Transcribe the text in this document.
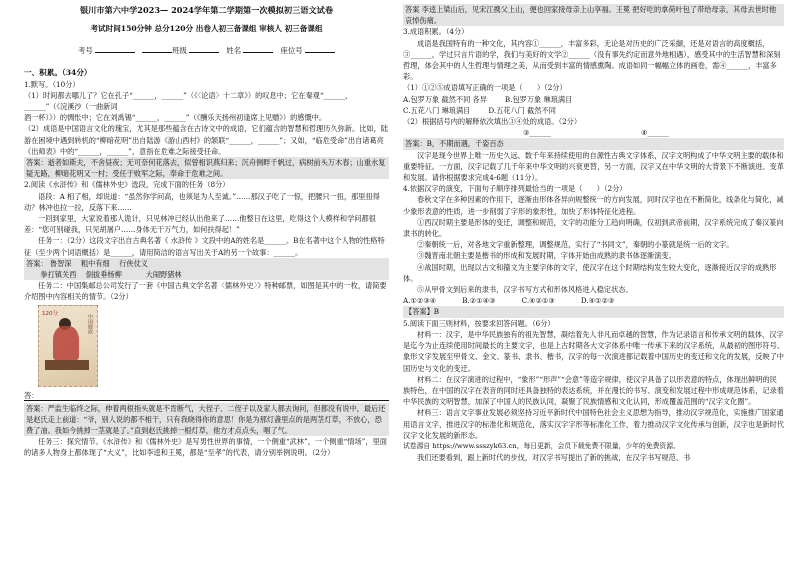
银川市第六中学2023— 2024学年第二学期第一次模拟初三语文试卷

考试时间150分钟 总分120分 出卷人初三备课组 审核人 初三备课组

考号	班级	姓名	座位号

一、积累。（34分）

1.默写。（10分）

（1）时间都去哪儿了？它在孔子“______，______”（《〈论语〉十二章》）的叹息中；它在秦观“______，______”（《浣溪沙（一曲新词

酒一杯）》）的惆怅中；它在刘禹锡“______，______”（《酬乐天扬州初逢席上见赠》）的感慨中。

（2）成语是中国语言文化的瑰宝，尤其是那些蕴含在古诗文中的成语，它们蕴含的智慧和哲理历久弥新。比如，陆游在困境中遇到转机的“柳暗花明”出自陆游《游山西村》的颔联“______，______”；又如，“临危受命”出自诸葛亮《出师表》中的“______，______”，意指在危难之际接受任命。

答案：逝者如斯夫，不舍昼夜；无可奈何花落去，似曾相识燕归来；沉舟侧畔千帆过，病树前头万木春；山重水复疑无路，柳暗花明又一村；受任于败军之际，奉命于危难之间。

2.阅读《水浒传》和《儒林外史》选段，完成下面的任务（8分）

语段：A 相了相，却说道：“虽然你学问高，也须是为人至诚。”……那汉子吃了一惊，把腰只一扭，那里扭得动？林冲也拉一拉，反落下来……

一回到家里，大家说着那人诡计，只见林冲已经认出他来了……他整日在这里，吃得这个人模样和学问都很差：“您可别碰我，只见胡屠户……身体无干万气力，如何扶得起！”

任务一：（2分）这段文字出自古典名著《 水浒传 》文段中的A的姓名是______。B在名著中这个人物的性格特征（至少两个词语概括）是______，请用简洁的语言写出关于A的另一个故事：______。

答案： 鲁智深　 粗中有细　 行侠仗义

　　拳打镇关西　 倒拔垂杨柳　　　	大闹野猪林

任务二：中国集邮总公司发行了一套《中国古典文学名著〈儒林外史〉》特种邮票，如图是其中的一枚，请简要介绍图中内容相关的情节。（2分）

120分	中国邮政

答：

答案：严监生临终之际，伸着两根指头就是不肯断气，大侄子、二侄子以及家人都去询问，但都没有说中，最后还是赵氏走上前道：“爷，别人说的都不相干，只有我晓得你的意思！你是为那灯盏里点的是两茎灯草，不放心，恐费了油。我如今挑掉一茎就是了。”直到赵氏挑掉一根灯草，他方才点点头，咽了气。

任务三：探究情节。《水浒传》和《儒林外史》是写男性世界的事情，一个侧重“武林”，一个侧重“情场”，里面的诸多人物身上都体现了“大义”，比如李逵和王冕，都是“至孝”的代表，请分别举例说明。（2分）

答案 李逵上梁山后，见宋江携父上山，便也回家接母亲上山享福。王冕 把好吃的拿荷叶包了带给母亲，其母去世时他哀悼伤痛。

3.成语积累。（4分）

成语是我国特有的一种文化，其内容①______，丰富多彩，无论是对历史的广泛采撷，还是对语言的高度概括，③______，学过只言片语的学，我们与美好的文学②______（没有事先约定而意外地相遇），感受其中的生活智慧和深刻哲理，体会其中的人生哲理与情理之美，从而受到丰富的情感熏陶。成语如同一幅幅立体的画卷，需④______，丰富多彩。

（1）①②⑤成语填写正确的一项是（　　）（2分）

A.包罗万象 截然不同 各异	B.包罗万象 琳琅满目

C.五花八门 琳琅满目	D.五花八门 截然不同

（2）根据括号内的解释依次填出③④处的成语。（2分）

③______	④______

答案：B，不期而遇，千姿百态

汉字是现今世界上唯一历史久远、数千年来持续使用的自源性古典文字体系，汉字文明构成了中华文明主要的载体和重要特征。一方面，汉字记载了几千年来中华文明的兴衰更替，另一方面，汉字又在中华文明的大背景下不断演进、变革和发展。请你根据要求完成4-6题（11分）。

4.依据汉字的演变，下面句子顺序排列最恰当的一项是（　　）（2分）

春秋文字在多种因素的作用下，逐渐由形体各异向规整统一的方向发展，同时汉字也在不断简化，线条化与简化，减少象形表意的性质，进一步削弱了字形的象形性，加快了形体特征化进程。

①西汉时期主要是形体的变迁，调整和规范，文字的功能分工趋向明确，仅初到武帝前期，汉字系统完成了秦汉篆向隶书的转化。

②秦朝统一后，对各地文字重新整理，调整规范，实行了“书同文”，秦朝的小篆就是统一后的文字。

③魏晋南北朝主要是楷书的形成和发展时期，字体开始由成熟的隶书体逐渐演变。

④战国时期，出现以古文和籀文为主要字体的文字，使汉字在这个时期结构发生较大变化，逐渐接近汉字的成熟形体。

⑤从甲骨文到后来的隶书，汉字书写方式和形体风格进入稳定状态。

A.①②③④	B.②①④③	C.④②①③	D.④①②③

【答案】B

5.阅读下面三则材料，按要求回答问题。（6分）

材料一：汉字，是中华民族独有的祖先智慧，凝结着先人非凡而卓越的智慧，作为记录语言和传承文明的载体，汉字是迄今为止连续使用时间最长的主要文字，也是上古时期各大文字体系中唯一传承下来的汉字系统，从最初的图形符号、象形文字发展至甲骨文、金文、篆书、隶书、楷书，汉字的每一次演进都记载着中国历史的变迁和文化的发展，反映了中国历史与文化的变迁。

材料二：在汉字演进的过程中，“象形”“形声”“会意”等造字规律，使汉字具备了以形表意的特点，体现出鲜明的民族特色，在中国的汉字在表音的同时还具备独特的表达系统，并在漫长的书写、演变和发展过程中形成规范体系，记录着中华民族的文明智慧，加深了中国人的民族认同，凝聚了民族情感和文化认同，形成覆盖范围的“汉字文化圈”。

材料三：语言文字事业发展必须坚持习近平新时代中国特色社会主义思想为指导，推动汉字规范化，实施推广国家通用语言文字，推进汉字的标准化和规范化，落实汉字字形等标准化工作，着力推动汉字文化传承与创新，汉字也是新时代汉字文化发展的新形态。

试卷源自 https://www.ssszyk63.cn，每日更新，会员下载免费不限量，少年的免费资源。

我们还要看到，跟上新时代的步伐，对汉字书写提出了新的挑战，在汉字书写规范、书
